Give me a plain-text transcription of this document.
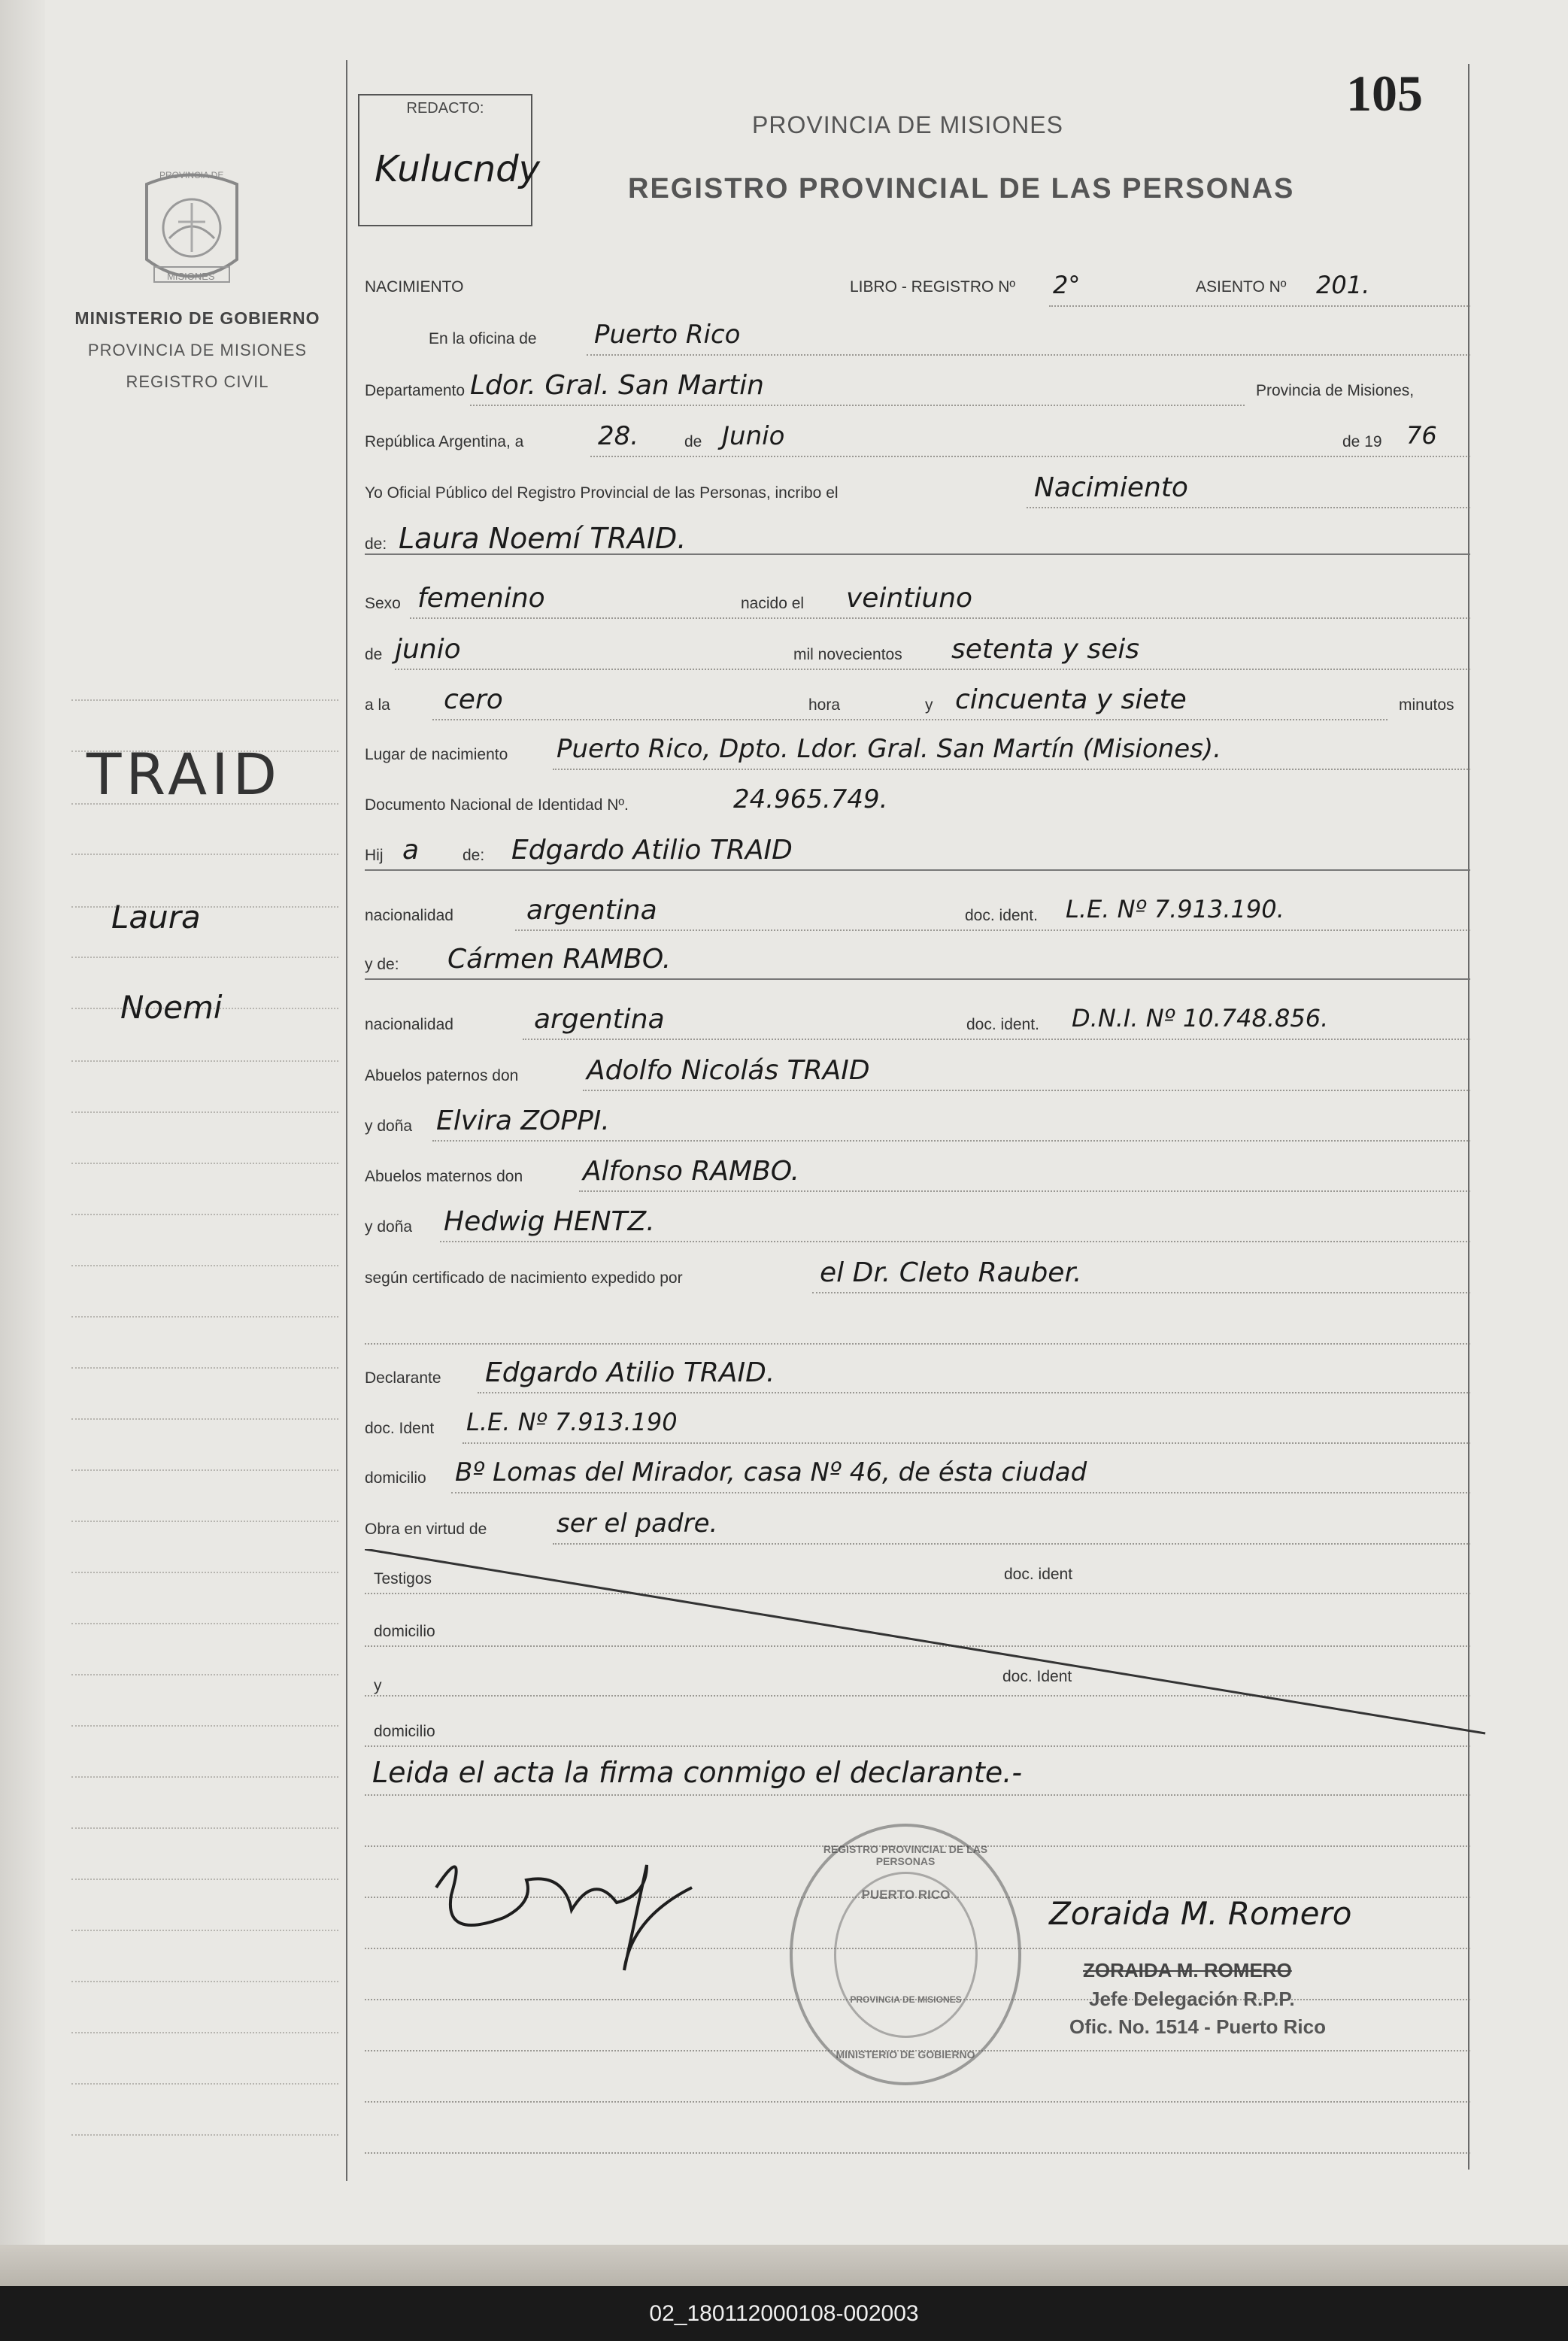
105
REDACTO:
Kulucndy
PROVINCIA DE MISIONES
REGISTRO PROVINCIAL DE LAS PERSONAS
PROVINCIA DE
MISIONES
MINISTERIO DE GOBIERNO
PROVINCIA DE MISIONES
REGISTRO CIVIL
TRAID
Laura
Noemi
NACIMIENTO	LIBRO - REGISTRO Nº 2°	ASIENTO Nº 201.
En la oficina de Puerto Rico
Departamento Ldor. Gral. San Martin	Provincia de Misiones,
República Argentina, a	28.	de Junio	de 19 76
Yo Oficial Público del Registro Provincial de las Personas, incribo el	Nacimiento
de: Laura Noemí TRAID.
Sexo femenino	nacido el veintiuno
de junio	mil novecientos setenta y seis
a la cero	hora	y cincuenta y siete	minutos
Lugar de nacimiento Puerto Rico, Dpto. Ldor. Gral. San Martín (Misiones).
Documento Nacional de Identidad Nº.	24.965.749.
Hij a	de: Edgardo Atilio TRAID
nacionalidad	argentina	doc. ident. L.E. Nº 7.913.190.
y de: Cármen RAMBO.
nacionalidad	argentina	doc. ident. D.N.I. Nº 10.748.856.
Abuelos paternos don	Adolfo Nicolás TRAID
y doña Elvira ZOPPI.
Abuelos maternos don Alfonso RAMBO.
y doña Hedwig HENTZ.
según certificado de nacimiento expedido por	el Dr. Cleto Rauber.
Declarante Edgardo Atilio TRAID.
doc. Ident L.E. Nº 7.913.190
domicilio Bº Lomas del Mirador, casa Nº 46, de ésta ciudad
Obra en virtud de	ser el padre.
Testigos	doc. ident
domicilio
y
doc. Ident
domicilio
Leida el acta la firma conmigo el declarante.-
REGISTRO PROVINCIAL DE LAS PERSONAS
PUERTO RICO
PROVINCIA DE MISIONES
MINISTERIO DE GOBIERNO
Zoraida M. Romero
ZORAIDA M. ROMERO
Jefe Delegación R.P.P.
Ofic. No. 1514 - Puerto Rico
02_180112000108-002003
